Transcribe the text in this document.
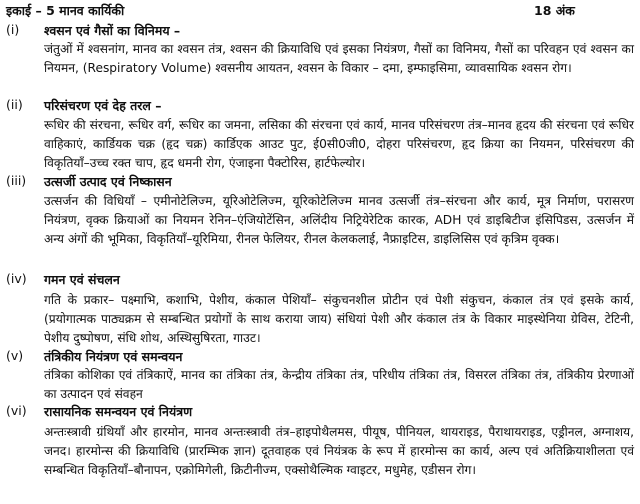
इकाई – 5 मानव कार्यिकी	18 अंक
(i) श्वसन एवं गैसों का विनिमय –
जंतुओं में श्वसनांग, मानव का श्वसन तंत्र, श्वसन की क्रियाविधि एवं इसका नियंत्रण, गैसों का विनिमय, गैसों का परिवहन एवं श्वसन का नियमन, (Respiratory Volume) श्वसनीय आयतन, श्वसन के विकार – दमा, इम्फाइसिमा, व्यावसायिक श्वसन रोग।
(ii) परिसंचरण एवं देह तरल –
रूधिर की संरचना, रूधिर वर्ग, रूधिर का जमना, लसिका की संरचना एवं कार्य, मानव परिसंचरण तंत्र–मानव हृदय की संरचना एवं रूधिर वाहिकाएं, कार्डियक चक्र (हृद चक्र) कार्डिएक आउट पुट, ई0सी0जी0, दोहरा परिसंचरण, हृद क्रिया का नियमन, परिसंचरण की विकृतियाँ–उच्च रक्त चाप, हृद धमनी रोग, एंजाइना पैक्टोरिस, हार्टफेल्योर।
(iii) उत्सर्जी उत्पाद एवं निष्कासन
उत्सर्जन की विधियाँ – एमीनोटेलिज्म, यूरिओटेलिज्म, यूरिकोटेलिज्म मानव उत्सर्जी तंत्र–संरचना और कार्य, मूत्र निर्माण, परासरण नियंत्रण, वृक्क क्रियाओं का नियमन रेनिन–एंजियोटेंसिन, अलिंदीय निट्रियेरेटिक कारक, ADH एवं डाइबिटीज इंसिपिडस, उत्सर्जन में अन्य अंगों की भूमिका, विकृतियाँ–यूरिमिया, रीनल फेलियर, रीनल केलकलाई, नैफ्राइटिस, डाइलिसिस एवं कृत्रिम वृक्क।
(iv) गमन एवं संचलन
गति के प्रकार– पक्ष्माभि, कशाभि, पेशीय, कंकाल पेशियाँ– संकुचनशील प्रोटीन एवं पेशी संकुचन, कंकाल तंत्र एवं इसके कार्य, (प्रयोगात्मक पाठ्यक्रम से सम्बन्धित प्रयोगों के साथ कराया जाय) संधियां पेशी और कंकाल तंत्र के विकार माइस्थेनिया ग्रेविस, टेटिनी, पेशीय दुष्पोषण, संधि शोथ, अस्थिसुषिरता, गाउट।
(v) तंत्रिकीय नियंत्रण एवं समन्वयन
तंत्रिका कोशिका एवं तंत्रिकाऐं, मानव का तंत्रिका तंत्र, केन्द्रीय तंत्रिका तंत्र, परिधीय तंत्रिका तंत्र, विसरल तंत्रिका तंत्र, तंत्रिकीय प्रेरणाओं का उत्पादन एवं संवहन
(vi) रासायनिक समन्वयन एवं नियंत्रण
अन्तःस्त्रावी ग्रंथियाँ और हारमोन, मानव अन्तःस्त्रावी तंत्र–हाइपोथैलमस, पीयूष, पीनियल, थायराइड, पैराथायराइड, एड्रीनल, अग्नाशय, जनद। हारमोन्स की क्रियाविधि (प्रारम्भिक ज्ञान) दूतवाहक एवं नियंत्रक के रूप में हारमोन्स का कार्य, अल्प एवं अतिक्रियाशीलता एवं सम्बन्धित विकृतियाँ–बौनापन, एक्रोमिगेली, क्रिटीनीज्म, एक्सोथैल्मिक ग्वाइटर, मधुमेह, एडीसन रोग।
